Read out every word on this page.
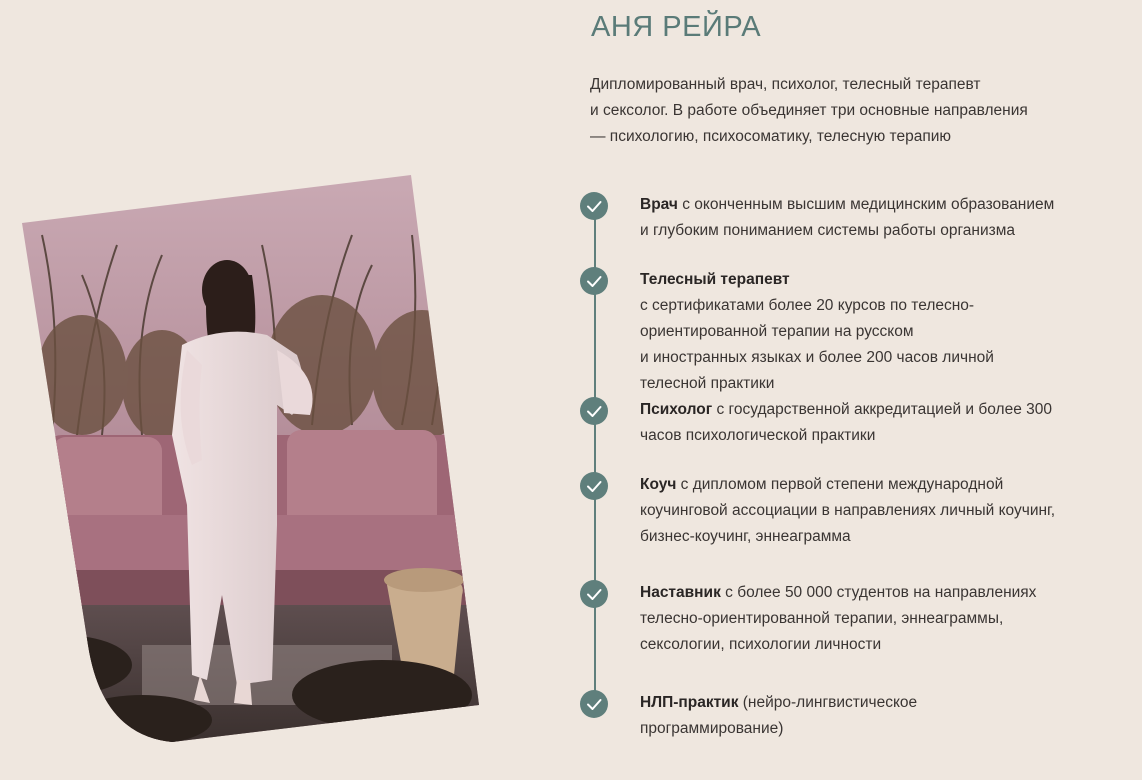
АНЯ РЕЙРА
Дипломированный врач, психолог, телесный терапевт
и сексолог. В работе объединяет три основные направления
— психологию, психосоматику, телесную терапию
Врач с оконченным высшим медицинским образованием
и глубоким пониманием системы работы организма
Телесный терапевт
с сертификатами более 20 курсов по телесно-
ориентированной терапии на русском
и иностранных языках и более 200 часов личной
телесной практики
Психолог с государственной аккредитацией и более 300
часов психологической практики
Коуч с дипломом первой степени международной
коучинговой ассоциации в направлениях личный коучинг,
бизнес-коучинг, эннеаграмма
Наставник с более 50 000 студентов на направлениях
телесно-ориентированной терапии, эннеаграммы,
сексологии, психологии личности
НЛП-практик (нейро-лингвистическое
программирование)
